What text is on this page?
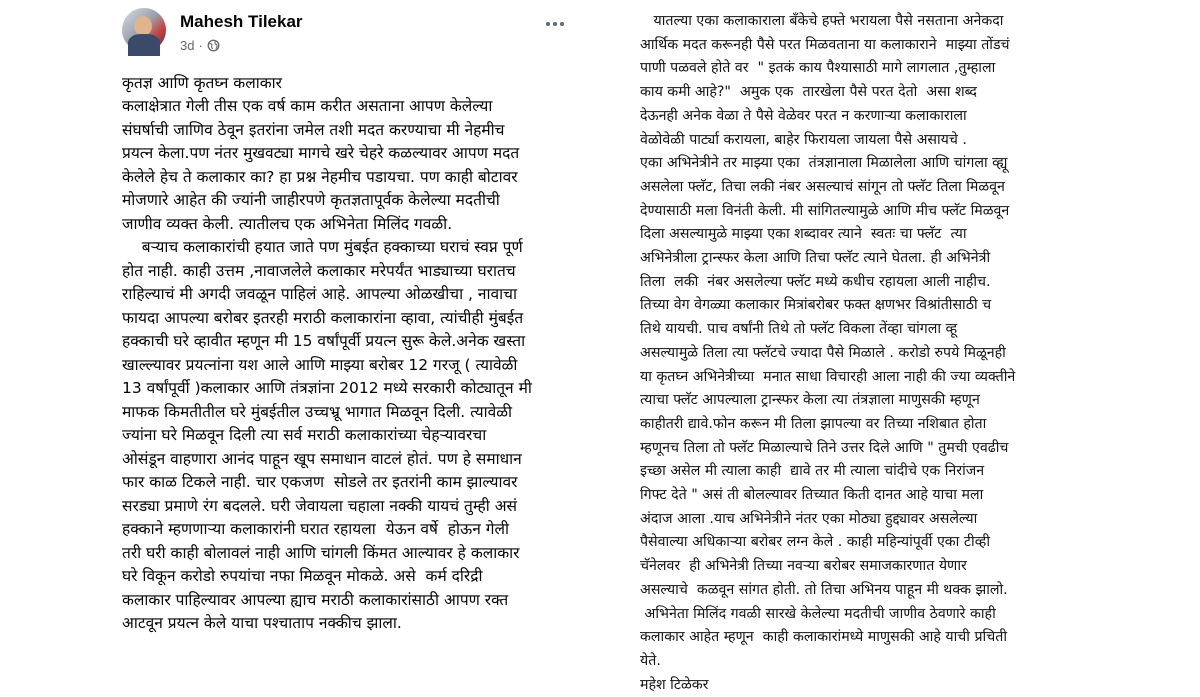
Mahesh Tilekar
3d ·
कृतज्ञ आणि कृतघ्न कलाकार
कलाक्षेत्रात गेली तीस एक वर्ष काम करीत असताना आपण केलेल्या
संघर्षाची जाणिव ठेवून इतरांना जमेल तशी मदत करण्याचा मी नेहमीच
प्रयत्न केला.पण नंतर मुखवट्या मागचे खरे चेहरे कळल्यावर आपण मदत
केलेले हेच ते कलाकार का? हा प्रश्न नेहमीच पडायचा. पण काही बोटावर
मोजणारे आहेत की ज्यांनी जाहीरपणे कृतज्ञतापूर्वक केलेल्या मदतीची
जाणीव व्यक्त केली. त्यातीलच एक अभिनेता मिलिंद गवळी.
बऱ्याच कलाकारांची हयात जाते पण मुंबईत हक्काच्या घराचं स्वप्न पूर्ण
होत नाही. काही उत्तम ,नावाजलेले कलाकार मरेपर्यंत भाड्याच्या घरातच
राहिल्याचं मी अगदी जवळून पाहिलं आहे. आपल्या ओळखीचा , नावाचा
फायदा आपल्या बरोबर इतरही मराठी कलाकारांना व्हावा, त्यांचीही मुंबईत
हक्काची घरे व्हावीत म्हणून मी 15 वर्षांपूर्वी प्रयत्न सुरू केले.अनेक खस्ता
खाल्ल्यावर प्रयत्नांना यश आले आणि माझ्या बरोबर 12 गरजू ( त्यावेळी
13 वर्षांपूर्वी )कलाकार आणि तंत्रज्ञांना 2012 मध्ये सरकारी कोट्यातून मी
माफक किमतीतील घरे मुंबईतील उच्चभ्रू भागात मिळवून दिली. त्यावेळी
ज्यांना घरे मिळवून दिली त्या सर्व मराठी कलाकारांच्या चेहऱ्यावरचा
ओसंडून वाहणारा आनंद पाहून खूप समाधान वाटलं होतं. पण हे समाधान
फार काळ टिकले नाही. चार एकजण  सोडले तर इतरांनी काम झाल्यावर
सरड्या प्रमाणे रंग बदलले. घरी जेवायला चहाला नक्की यायचं तुम्ही असं
हक्काने म्हणणाऱ्या कलाकारांनी घरात रहायला  येऊन वर्षे  होऊन गेली
तरी घरी काही बोलावलं नाही आणि चांगली किंमत आल्यावर हे कलाकार
घरे विकून करोडो रुपयांचा नफा मिळवून मोकळे. असे  कर्म दरिद्री
कलाकार पाहिल्यावर आपल्या ह्याच मराठी कलाकारांसाठी आपण रक्त
आटवून प्रयत्न केले याचा पश्चाताप नक्कीच झाला.
यातल्या एका कलाकाराला बँकेचे हफ्ते भरायला पैसे नसताना अनेकदा
आर्थिक मदत करूनही पैसे परत मिळवताना या कलाकाराने  माझ्या तोंडचं
पाणी पळवले होते वर  " इतकं काय पैश्यासाठी मागे लागलात ,तुम्हाला
काय कमी आहे?"  अमुक एक  तारखेला पैसे परत देतो  असा शब्द
देऊनही अनेक वेळा ते पैसे वेळेवर परत न करणाऱ्या कलाकाराला
वेळोवेळी पार्ट्या करायला, बाहेर फिरायला जायला पैसे असायचे .
एका अभिनेत्रीने तर माझ्या एका  तंत्रज्ञानाला मिळालेला आणि चांगला व्ह्यू
असलेला फ्लॅट, तिचा लकी नंबर असल्याचं सांगून तो फ्लॅट तिला मिळवून
देण्यासाठी मला विनंती केली. मी सांगितल्यामुळे आणि मीच फ्लॅट मिळवून
दिला असल्यामुळे माझ्या एका शब्दावर त्याने  स्वतः चा फ्लॅट  त्या
अभिनेत्रीला ट्रान्स्फर केला आणि तिचा फ्लॅट त्याने घेतला. ही अभिनेत्री
तिला  लकी  नंबर असलेल्या फ्लॅट मध्ये कधीच रहायला आली नाहीच.
तिच्या वेग वेगळ्या कलाकार मित्रांबरोबर फक्त क्षणभर विश्रांतीसाठी च
तिथे यायची. पाच वर्षांनी तिथे तो फ्लॅट विकला तेंव्हा चांगला व्हू
असल्यामुळे तिला त्या फ्लॅटचे ज्यादा पैसे मिळाले . करोडो रुपये मिळूनही
या कृतघ्न अभिनेत्रीच्या  मनात साधा विचारही आला नाही की ज्या व्यक्तीने
त्याचा फ्लॅट आपल्याला ट्रान्स्फर केला त्या तंत्रज्ञाला माणुसकी म्हणून
काहीतरी द्यावे.फोन करून मी तिला झापल्या वर तिच्या नशिबात होता
म्हणूनच तिला तो फ्लॅट मिळाल्याचे तिने उत्तर दिले आणि " तुमची एवढीच
इच्छा असेल मी त्याला काही  द्यावे तर मी त्याला चांदीचे एक निरांजन
गिफ्ट देते " असं ती बोलल्यावर तिच्यात किती दानत आहे याचा मला
अंदाज आला .याच अभिनेत्रीने नंतर एका मोठ्या हुद्द्यावर असलेल्या
पैसेवाल्या अधिकाऱ्या बरोबर लग्न केले . काही महिन्यांपूर्वी एका टीव्ही
चॅनेलवर  ही अभिनेत्री तिच्या नवऱ्या बरोबर समाजकारणात येणार
असल्याचे  कळवून सांगत होती. तो तिचा अभिनय पाहून मी थक्क झालो.
अभिनेता मिलिंद गवळी सारखे केलेल्या मदतीची जाणीव ठेवणारे काही
कलाकार आहेत म्हणून  काही कलाकारांमध्ये माणुसकी आहे याची प्रचिती
येते.
महेश टिळेकर
